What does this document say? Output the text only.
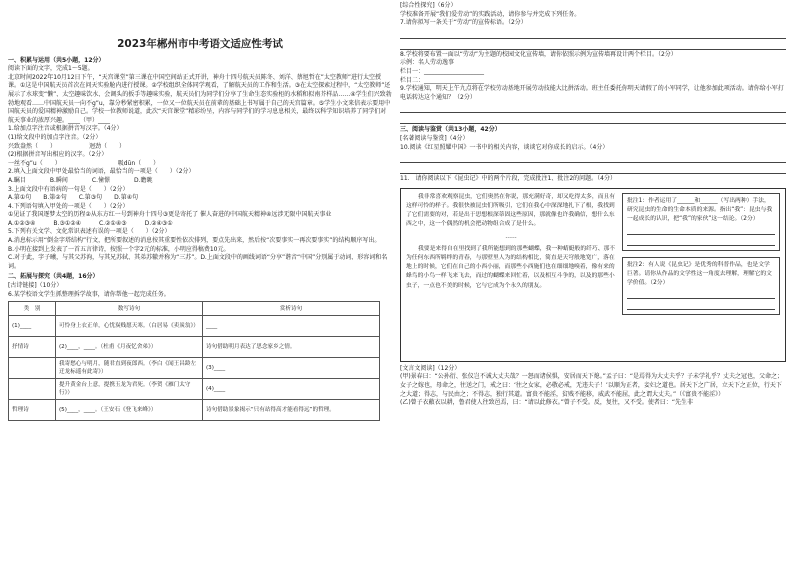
2023年郴州市中考语文适应性考试
一、积累与运用（共5小题，12分）
阅读下面的文字，完成1～5题。
北京时间2022年10月12日下午，“天宫课堂”第三课在中国空间站正式开讲，神舟十四号航天员陈冬、刘洋、蔡旭哲在”太空教师”进行太空授课。①这是中国航天员首次在问天实验舱内进行授课。②学校组织全体同学观看，了解航天员的工作和生活。③在太空探索过程中，“太空教师”还展示了水球变“懒”、太空趣味饮水、会调头的扳手等趣味实验，航天员们为同学们分享了生命生态实验柜的水稻和拟南芥样品……④学生们兴致勃勃地观看……中国航天员一向不g”u，靠分秒紧密积累，一位又一位航天员在前辈的基础上书写属于自己的天宫篇章。⑤学生小文来信表示要用中国航天员的爱国精神激励自己。学校一位教师说道，此次“天宫课堂”精彩纷呈，内容与同学们的学习息息相关，最终以科学知识培养了同学们对航天事业的浓厚兴趣。____（甲）____
1.给加点字注音或根据拼音写汉字。（4分）
(1)给文段中的加点字注音。（2分）
兴致盎然（　　）　　　　　　迥劲（　　）
(2)根据拼音写出相应的汉字。（2分）
一丝不g”u（　　）　　　　　　　　　　吸dūn（　　）
2.填入上面文段中甲处最恰当的词语，最恰当的一项是（　　）（2分）
A.瞩目　　　　B.瞬间　　　　C.憧憬　　　　D.瞻眺
3.上面文段中有语病的一句是（　　）（2分）
A.第①句　　B.第②句　　C.第③句　　D.第④句
4.下列语句填入甲处的一项是（　　）（2分）
①见证了我国逐梦太空的历程②从东方红一号到神舟十四号③更是寄托了 催人奋进的中国航天精神④远涉无限中国航天事业
A.①②③④　　　B.③①②④　　　C.②①④③　　　D.②④③①
5.下列有关文学、文化常识表述有误的一项是（　　）（2分）
A.消息标示用“倒金字塔结构”行文，把所要叙述的消息按其重要性依次排列，要点先出来，然后按“次要事实一再次要事实”的结构顺序写出。
B.小明在接到上发表了一首五言律诗，按照一个字2元的标准，小明应得稿费10元。
C.对于此，字子曦，与其父苏洵，与其兄苏轼、其弟苏辙并称为“三苏”。D.上面文段中的画线词语“分享”谐音“中国”分别属于动词、形容词和名词。
二、拓展与探究（共4题，16分）
[古诗链接]（10分）
6.某学校语文学生抓整理拆学故事，请你帮他一起完成任务。
类　别	数写诗句	赏析诗句
(1)____	可怜身上衣正单，心忧炭贱愿天寒。（白居易《卖炭翁》）	____
抒情诗	(2)____，____。（杜甫《月夜忆舍弟》）	诗句借助明月表达了思念家乡之情。
	我寄愁心与明月，随君直到夜郎西。（李白《闻王昌龄左迁龙标遥有此寄》）	(3)____
	提升黄金台上意，提携玉龙为君死。（李贺《雁门太守行》）	(4)____
哲理诗	(5)____，____。（王安石《登飞来峰》）	诗句借助景象揭示“只有站得高才能看得远”的哲理。
[综合性探究]（6分）
学校准备开展“我们爱劳动”的实践活动，请你参与并完成下列任务。
7.请你拟写一条关于“劳动”的宣传标语。（2分）
8.学校将要布置一面以“劳动”为主题的校园文化宣传墙，请你依照示例为宣传墙再设计两个栏目。（2分）
示例：名人劳动逸事
栏目一：____________________
栏目二：____________________
9.学校通知，明天上午九点将在学校劳动基地开展劳动技能大比拼活动。班主任委托你明天请假了的小军同学，让他参加此项活动。请你给小军打电话转达这个通知？（2分）
三、阅读与鉴赏（共13小题，42分）
[名著阅读与鉴赏]（4分）
10.阅读《红星照耀中国》一书中的相关内容，谈谈它对你成长的启示。（4分）
11.　请你阅读以下《昆虫记》中的两个片段，完成批注1、批注2的问题。（4分）

我非常喜欢观察昆虫，它们奥然在你说，那充满好奇，却又吃得太多，而且有这样可怜的样子。我很快被昆虫们所吸引，它们在我心中深深地扎下了根，我找到了它们需要的对，若是出于思想根深蒂固这些原因，那就像也许我确信，想什么东西之中，这一个偶然的机会把动物组合成了是什么。

……

我要是来得自在里找到了我所能想到的那些蝴蝶，我一种蜻蜓般的纤巧、那不为任何东西所羁绊的青春，与那壁里人为的结构相比，简直是天穹般地宽广，落在地上的时候，它们在自己的小西小丽，而那些小西施们也在细细地嗅着，像有来的蜂鸟的小鸟一样飞来飞去，而过的蝴蝶来回忙着，以及相互斗争的，以及的那些小虫子，一点也不美的时候，它与它成为个永久的朋友。

批注1：作者运用了______和______（写出两种）手法，研究昆虫的生命的生命本质的来源。指出“我”：昆虫与我一起成长的认识，把“我”的家伙”这一结论。（2分）
批注2：有人说《昆虫记》是优秀的科普作品，也是文学巨著。请你从作品的文学性这一角度去理解，理解它的文学价值。（2分）
[文言文阅读]（12分）
(甲)景春曰：“公孙衍、张仪岂不诚大丈夫哉？一怒而诸侯惧，安居而天下熄。”孟子曰：“是焉得为大丈夫乎？子未学礼乎？丈夫之冠也，父命之；女子之嫁也，母命之，往送之门，戒之曰：‘往之女家，必敬必戒，无违夫子！’以顺为正者，妾妇之道也。居天下之广居，立天下之正位，行天下之大道；得志，与民由之；不得志，独行其道。富贵不能淫，贫贱不能移，威武不能屈，此之谓大丈夫。”（《富贵不能淫》）
(乙)曾子衣敝衣以耕，鲁君使人往致邑焉，曰：“请以此修衣。”曾子不受。反，复往，又不受。使者曰：“先生非
